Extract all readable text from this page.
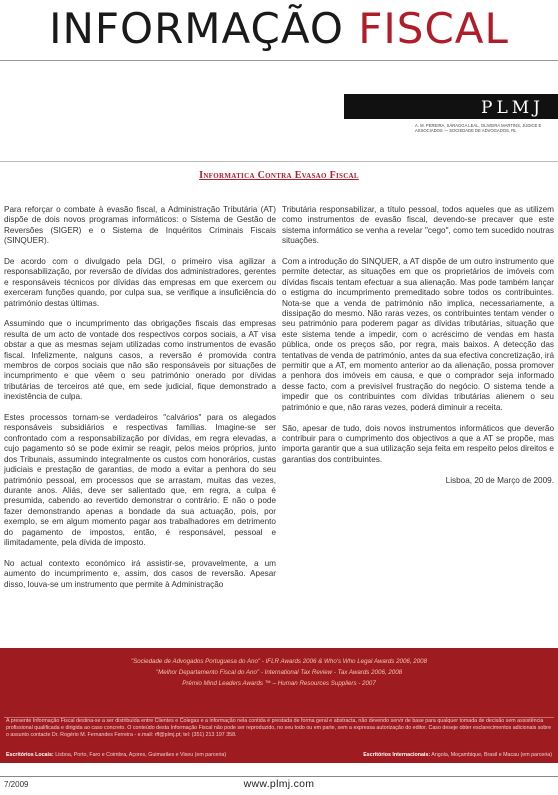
INFORMAÇÃO FISCAL
PLMJ
A. M. PEREIRA, SÁRAGGA LEAL, OLIVEIRA MARTINS, JÚDICE E ASSOCIADOS — SOCIEDADE DE ADVOGADOS, RL
Informatica Contra Evasao Fiscal

Para reforçar o combate à evasão fiscal, a Administração Tributária (AT) dispõe de dois novos programas informáticos: o Sistema de Gestão de Reversões (SIGER) e o Sistema de Inquéritos Criminais Fiscais (SINQUER).

De acordo com o divulgado pela DGI, o primeiro visa agilizar a responsabilização, por reversão de dívidas dos administradores, gerentes e responsáveis técnicos por dívidas das empresas em que exercem ou exerceram funções quando, por culpa sua, se verifique a insuficiência do património destas últimas.

Assumindo que o incumprimento das obrigações fiscais das empresas resulta de um acto de vontade dos respectivos corpos sociais, a AT visa obstar a que as mesmas sejam utilizadas como instrumentos de evasão fiscal. Infelizmente, nalguns casos, a reversão é promovida contra membros de corpos sociais que não são responsáveis por situações de incumprimento e que vêem o seu património onerado por dívidas tributárias de terceiros até que, em sede judicial, fique demonstrado a inexistência de culpa.

Estes processos tornam-se verdadeiros "calvários" para os alegados responsáveis subsidiários e respectivas famílias. Imagine-se ser confrontado com a responsabilização por dívidas, em regra elevadas, a cujo pagamento só se pode eximir se reagir, pelos meios próprios, junto dos Tribunais, assumindo integralmente os custos com honorários, custas judiciais e prestação de garantias, de modo a evitar a penhora do seu património pessoal, em processos que se arrastam, muitas das vezes, durante anos. Aliás, deve ser salientado que, em regra, a culpa é presumida, cabendo ao revertido demonstrar o contrário. E não o pode fazer demonstrando apenas a bondade da sua actuação, pois, por exemplo, se em algum momento pagar aos trabalhadores em detrimento do pagamento de impostos, então, é responsável, pessoal e ilimitadamente, pela dívida de imposto.

No actual contexto económico irá assistir-se, provavelmente, a um aumento do incumprimento e, assim, dos casos de reversão. Apesar disso, louva-se um instrumento que permite à Administração

Tributária responsabilizar, a título pessoal, todos aqueles que as utilizem como instrumentos de evasão fiscal, devendo-se precaver que este sistema informático se venha a revelar "cego", como tem sucedido noutras situações.

Com a introdução do SINQUER, a AT dispõe de um outro instrumento que permite detectar, as situações em que os proprietários de imóveis com dívidas fiscais tentam efectuar a sua alienação. Mas pode também lançar o estigma do incumprimento premeditado sobre todos os contribuintes. Nota-se que a venda de património não implica, necessariamente, a dissipação do mesmo. Não raras vezes, os contribuintes tentam vender o seu património para poderem pagar as dívidas tributárias, situação que este sistema tende a impedir, com o acréscimo de vendas em hasta pública, onde os preços são, por regra, mais baixos. A detecção das tentativas de venda de património, antes da sua efectiva concretização, irá permitir que a AT, em momento anterior ao da alienação, possa promover a penhora dos imóveis em causa, e que o comprador seja informado desse facto, com a previsível frustração do negócio. O sistema tende a impedir que os contribuintes com dívidas tributárias alienem o seu património e que, não raras vezes, poderá diminuir a receita.

São, apesar de tudo, dois novos instrumentos informáticos que deverão contribuir para o cumprimento dos objectivos a que a AT se propõe, mas importa garantir que a sua utilização seja feita em respeito pelos direitos e garantias dos contribuintes.

Lisboa, 20 de Março de 2009.

"Sociedade de Advogados Portuguesa do Ano" - IFLR Awards 2006 & Who's Who Legal Awards 2006, 2008
"Melhor Departamento Fiscal do Ano" - International Tax Review - Tax Awards 2006, 2008
Prémio Mind Leaders Awards ™ – Human Resources Suppliers - 2007
A presente Informação Fiscal destina-se a ser distribuída entre Clientes e Colegas e a informação nela contida é prestada de forma geral e abstracta, não devendo servir de base para qualquer tomada de decisão sem assistência profissional qualificada e dirigida ao caso concreto. O conteúdo desta Informação Fiscal não pode ser reproduzido, no seu todo ou em parte, sem a expressa autorização do editor. Caso deseje obter esclarecimentos adicionais sobre o assunto contacte Dr. Rogério M. Fernandes Ferreira - e.mail: rff@plmj.pt; tel: (351) 213 197 358.
Escritórios Locais: Lisboa, Porto, Faro e Coimbra, Açores, Guimarães e Viseu (em parceria)	Escritórios Internacionais: Angola, Moçambique, Brasil e Macau (em parceria)
7/2009	www.plmj.com
